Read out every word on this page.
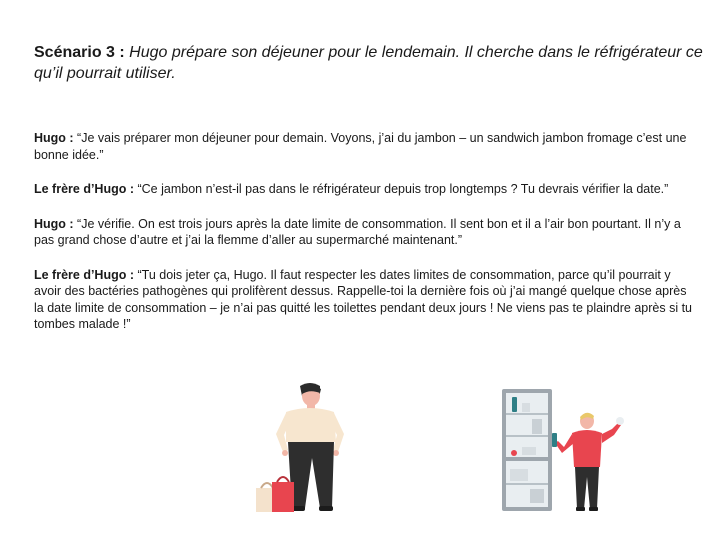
Scénario 3 : Hugo prépare son déjeuner pour le lendemain. Il cherche dans le réfrigérateur ce qu’il pourrait utiliser.

Hugo : “Je vais préparer mon déjeuner pour demain. Voyons, j’ai du jambon – un sandwich jambon fromage c’est une bonne idée.”

Le frère d’Hugo : “Ce jambon n’est-il pas dans le réfrigérateur depuis trop longtemps ? Tu devrais vérifier la date.”

Hugo : “Je vérifie. On est trois jours après la date limite de consommation. Il sent bon et il a l’air bon pourtant. Il n’y a pas grand chose d’autre et j’ai la flemme d’aller au supermarché maintenant.”

Le frère d’Hugo : “Tu dois jeter ça, Hugo. Il faut respecter les dates limites de consommation, parce qu’il pourrait y avoir des bactéries pathogènes qui prolifèrent dessus. Rappelle-toi la dernière fois où j’ai mangé quelque chose après la date limite de consommation – je n’ai pas quitté les toilettes pendant deux jours ! Ne viens pas te plaindre après si tu tombes malade !”
